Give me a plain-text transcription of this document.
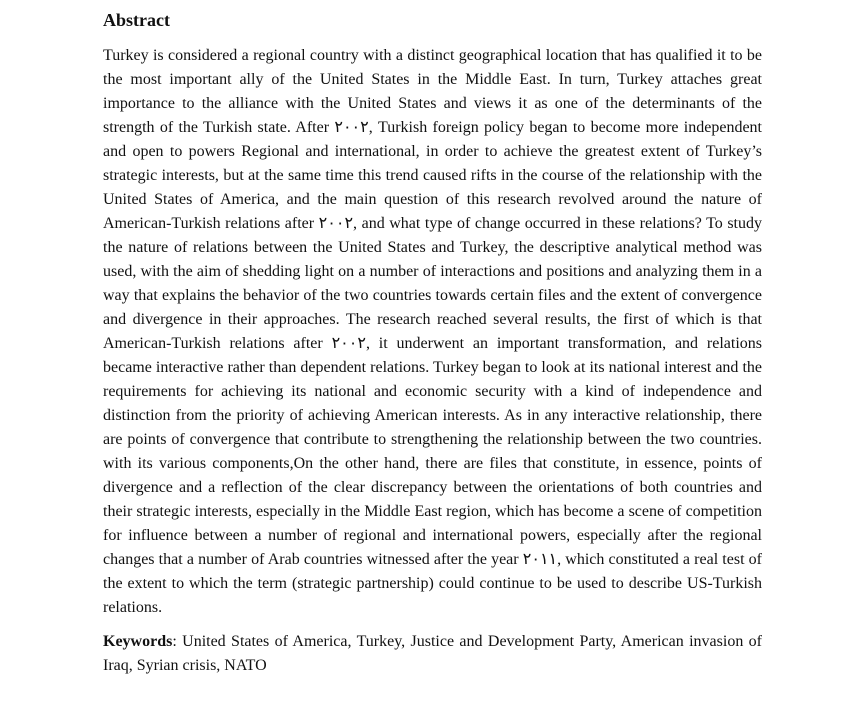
Abstract

Turkey is considered a regional country with a distinct geographical location that has qualified it to be the most important ally of the United States in the Middle East. In turn, Turkey attaches great importance to the alliance with the United States and views it as one of the determinants of the strength of the Turkish state. After ٢٠٠٢, Turkish foreign policy began to become more independent and open to powers Regional and international, in order to achieve the greatest extent of Turkey’s strategic interests, but at the same time this trend caused rifts in the course of the relationship with the United States of America, and the main question of this research revolved around the nature of American-Turkish relations after ٢٠٠٢, and what type of change occurred in these relations? To study the nature of relations between the United States and Turkey, the descriptive analytical method was used, with the aim of shedding light on a number of interactions and positions and analyzing them in a way that explains the behavior of the two countries towards certain files and the extent of convergence and divergence in their approaches. The research reached several results, the first of which is that American-Turkish relations after ٢٠٠٢, it underwent an important transformation, and relations became interactive rather than dependent relations. Turkey began to look at its national interest and the requirements for achieving its national and economic security with a kind of independence and distinction from the priority of achieving American interests. As in any interactive relationship, there are points of convergence that contribute to strengthening the relationship between the two countries. with its various components,On the other hand, there are files that constitute, in essence, points of divergence and a reflection of the clear discrepancy between the orientations of both countries and their strategic interests, especially in the Middle East region, which has become a scene of competition for influence between a number of regional and international powers, especially after the regional changes that a number of Arab countries witnessed after the year ٢٠١١, which constituted a real test of the extent to which the term (strategic partnership) could continue to be used to describe US-Turkish relations.

Keywords: United States of America, Turkey, Justice and Development Party, American invasion of Iraq, Syrian crisis, NATO
